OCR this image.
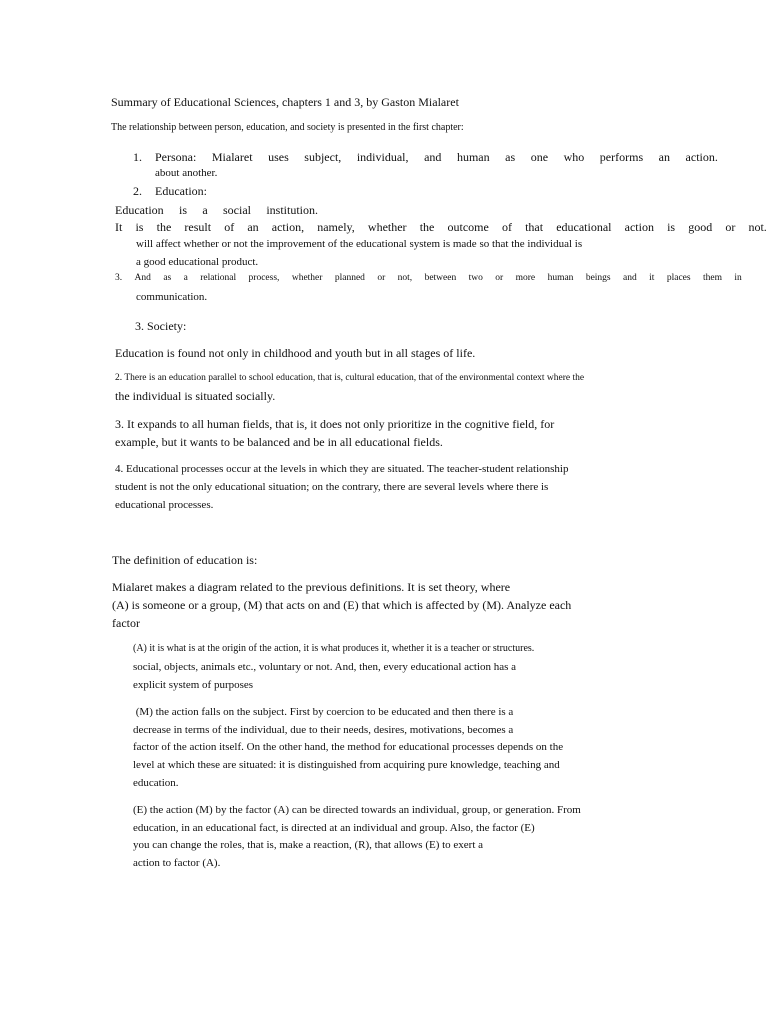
Summary of Educational Sciences, chapters 1 and 3, by Gaston Mialaret
The relationship between person, education, and society is presented in the first chapter:
1. Persona: Mialaret uses subject, individual, and human as one who performs an action.
about another.
2. Education:
Education is a social institution.
It is the result of an action, namely, whether the outcome of that educational action is good or not.
will affect whether or not the improvement of the educational system is made so that the individual is
a good educational product.
3. And as a relational process, whether planned or not, between two or more human beings and it places them in
communication.
3. Society:
Education is found not only in childhood and youth but in all stages of life.
2. There is an education parallel to school education, that is, cultural education, that of the environmental context where the
the individual is situated socially.
3. It expands to all human fields, that is, it does not only prioritize in the cognitive field, for
example, but it wants to be balanced and be in all educational fields.
4. Educational processes occur at the levels in which they are situated. The teacher-student relationship
student is not the only educational situation; on the contrary, there are several levels where there is
educational processes.
The definition of education is:
Mialaret makes a diagram related to the previous definitions. It is set theory, where
(A) is someone or a group, (M) that acts on and (E) that which is affected by (M). Analyze each
factor
(A) it is what is at the origin of the action, it is what produces it, whether it is a teacher or structures.
social, objects, animals etc., voluntary or not. And, then, every educational action has a
explicit system of purposes
(M) the action falls on the subject. First by coercion to be educated and then there is a
decrease in terms of the individual, due to their needs, desires, motivations, becomes a
factor of the action itself. On the other hand, the method for educational processes depends on the
level at which these are situated: it is distinguished from acquiring pure knowledge, teaching and
education.
(E) the action (M) by the factor (A) can be directed towards an individual, group, or generation. From
education, in an educational fact, is directed at an individual and group. Also, the factor (E)
you can change the roles, that is, make a reaction, (R), that allows (E) to exert a
action to factor (A).
